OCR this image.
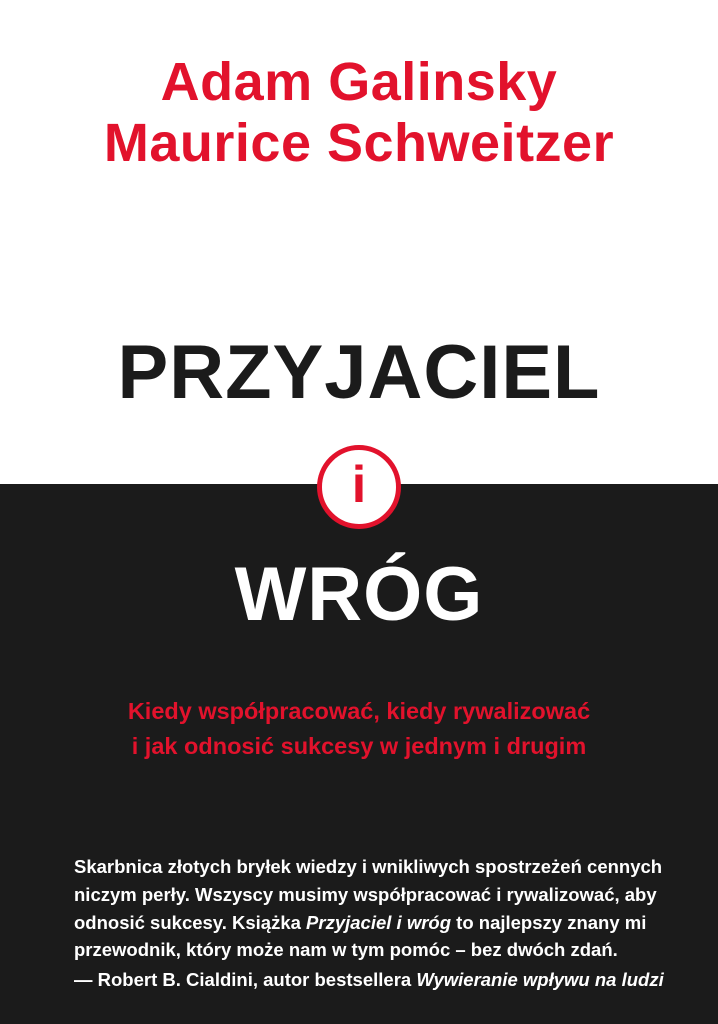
Adam Galinsky
Maurice Schweitzer
PRZYJACIEL
i
WRÓG
Kiedy współpracować, kiedy rywalizować
i jak odnosić sukcesy w jednym i drugim
Skarbnica złotych bryłek wiedzy i wnikliwych spostrzeżeń cennych
niczym perły. Wszyscy musimy współpracować i rywalizować, aby
odnosić sukcesy. Książka Przyjaciel i wróg to najlepszy znany mi
przewodnik, który może nam w tym pomóc – bez dwóch zdań.
— Robert B. Cialdini, autor bestsellera Wywieranie wpływu na ludzi
